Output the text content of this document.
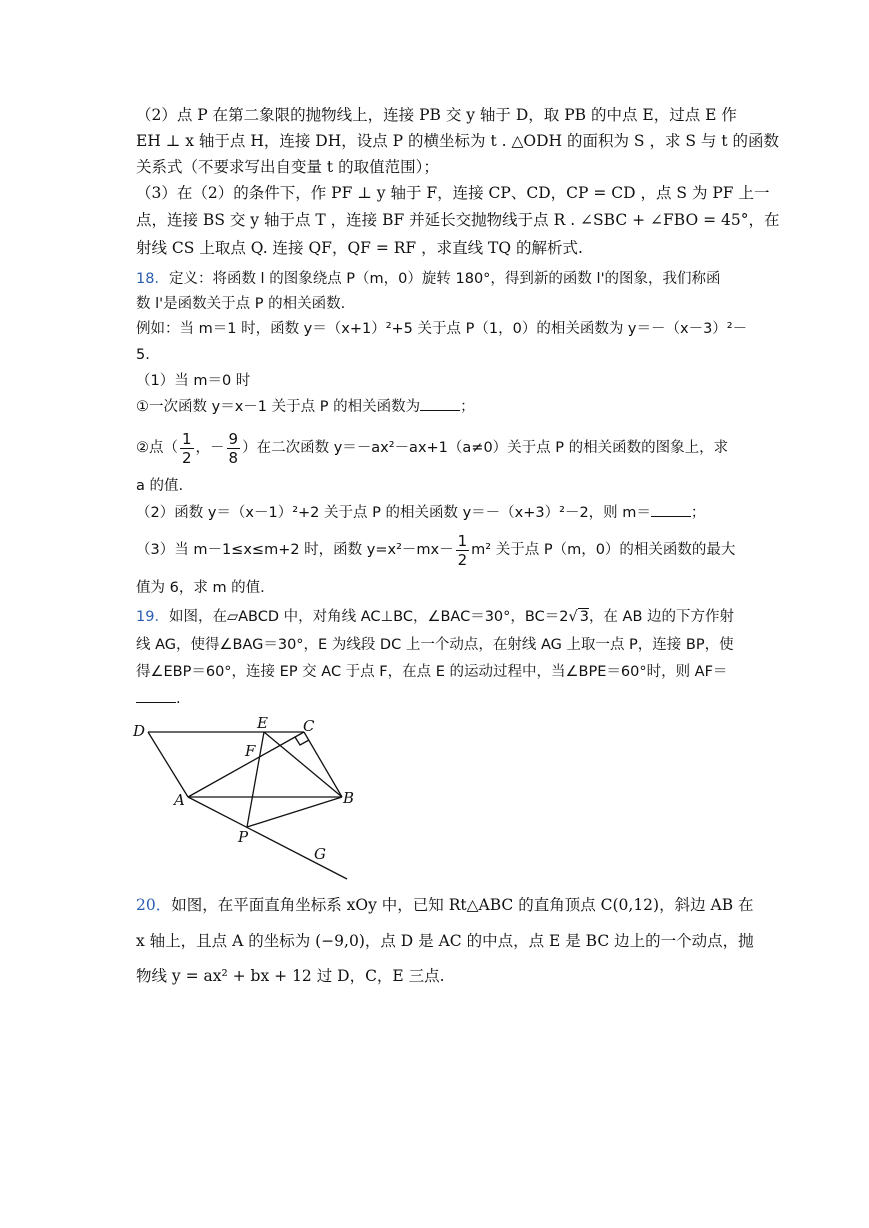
（2）点 P 在第二象限的抛物线上，连接 PB 交 y 轴于 D，取 PB 的中点 E，过点 E 作
EH ⊥ x 轴于点 H，连接 DH，设点 P 的横坐标为 t . △ODH 的面积为 S ，求 S 与 t 的函数
关系式（不要求写出自变量 t 的取值范围）；
（3）在（2）的条件下，作 PF ⊥ y 轴于 F，连接 CP、CD，CP = CD ，点 S 为 PF 上一
点，连接 BS 交 y 轴于点 T ，连接 BF 并延长交抛物线于点 R . ∠SBC + ∠FBO = 45°，在
射线 CS 上取点 Q. 连接 QF，QF = RF ，求直线 TQ 的解析式.
18．定义：将函数 l 的图象绕点 P（m，0）旋转 180°，得到新的函数 l'的图象，我们称函
数 l'是函数关于点 P 的相关函数.
例如：当 m＝1 时，函数 y＝（x+1）²+5 关于点 P（1，0）的相关函数为 y＝－（x－3）²－
5.
（1）当 m＝0 时
①一次函数 y＝x－1 关于点 P 的相关函数为	；
②点（ $\frac{1}{2}$ ，－ $\frac{9}{8}$ ）在二次函数 y＝－ax²－ax+1（a≠0）关于点 P 的相关函数的图象上，求
a 的值.
（2）函数 y＝（x－1）²+2 关于点 P 的相关函数 y＝－（x+3）²－2，则 m＝	；
（3）当 m－1≤x≤m+2 时，函数 $y=x^2-mx- \frac{1}{2} m^2$ 关于点 P（m，0）的相关函数的最大
值为 6，求 m 的值.
19．如图，在▱ABCD 中，对角线 AC⊥BC，∠BAC＝30°，BC＝2√ 3，在 AB 边的下方作射
线 AG，使得∠BAG＝30°，E 为线段 DC 上一个动点，在射线 AG 上取一点 P，连接 BP，使
得∠EBP＝60°，连接 EP 交 AC 于点 F，在点 E 的运动过程中，当∠BPE＝60°时，则 AF＝
.
D	E C
F
A	B
P
G
20．如图，在平面直角坐标系 xOy 中，已知 Rt△ABC 的直角顶点 C(0,12)，斜边 AB 在
x 轴上，且点 A 的坐标为 (−9,0)，点 D 是 AC 的中点，点 E 是 BC 边上的一个动点，抛
物线 y = ax² + bx + 12 过 D，C，E 三点.
